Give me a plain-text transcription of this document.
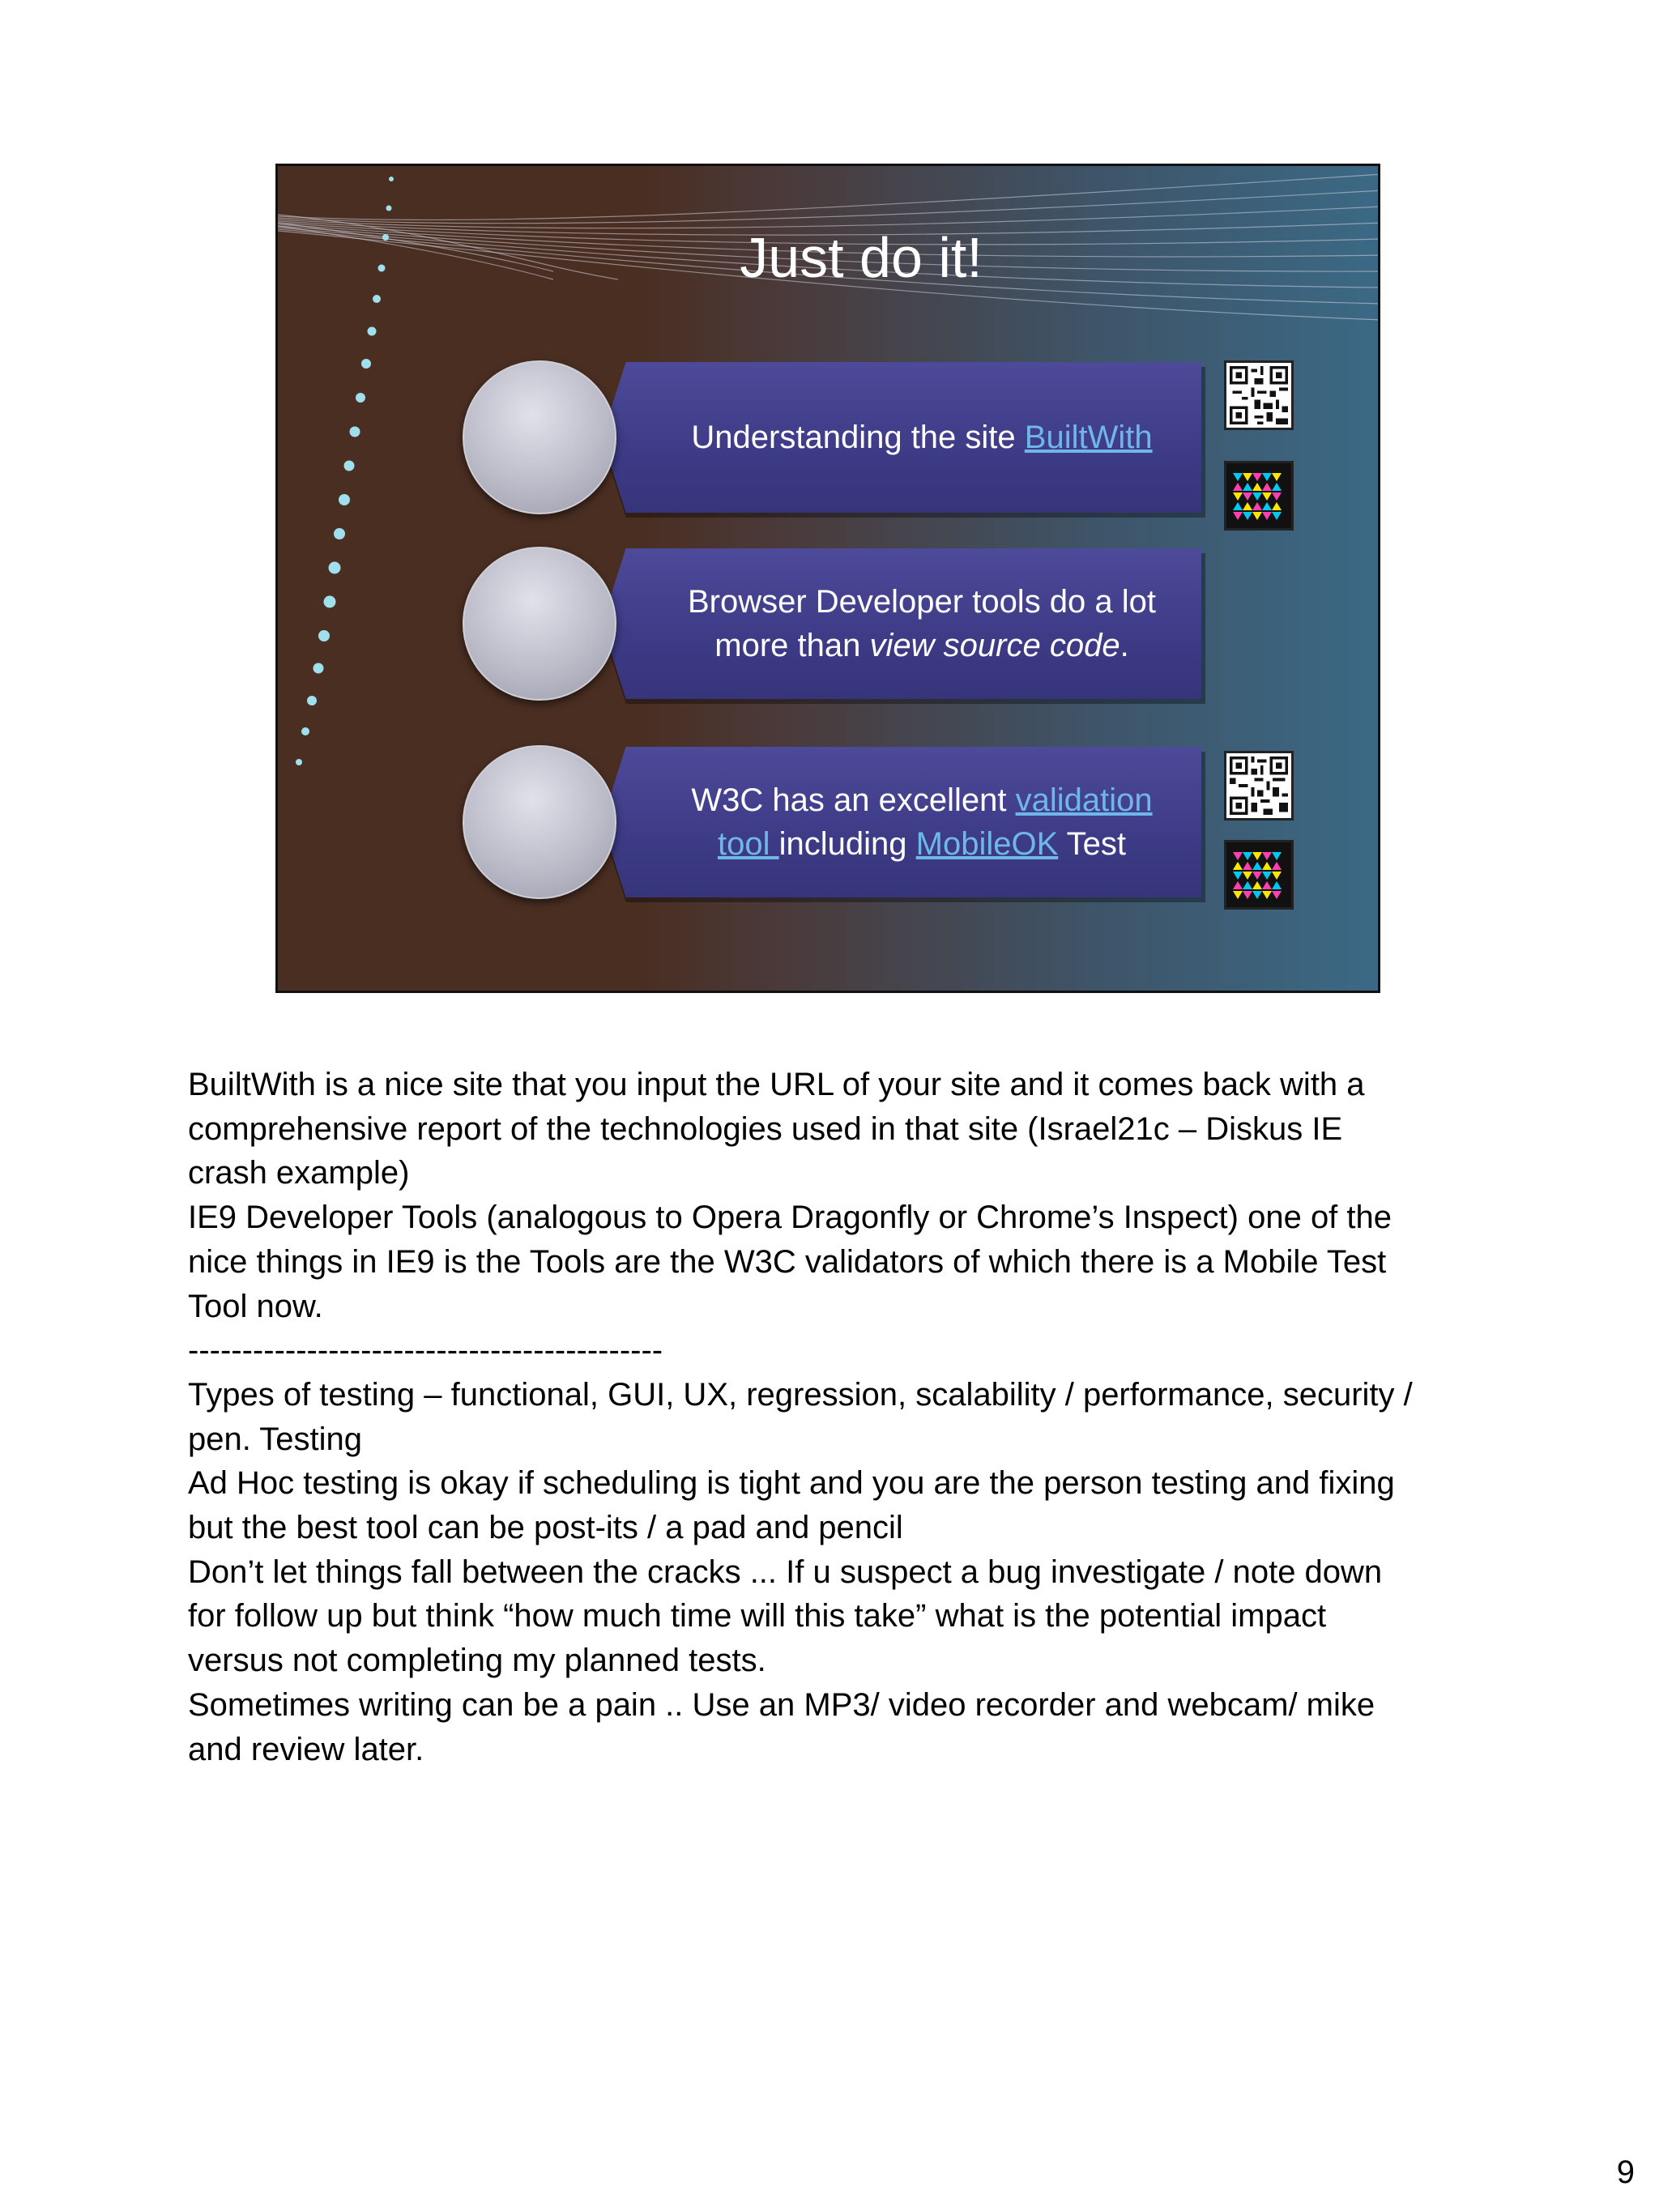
Just do it!
Understanding the site BuiltWith
Browser Developer tools do a lot
more than view source code.
W3C has an excellent validation
tool including MobileOK Test

BuiltWith is a nice site that you input the URL of your site and it comes back with a

comprehensive report of the technologies used in that site (Israel21c – Diskus IE

crash example)

IE9 Developer Tools (analogous to Opera Dragonfly or Chrome’s Inspect) one of the

nice things in IE9 is the Tools are the W3C validators of which there is a Mobile Test

Tool now.

--------------------------------------------

Types of testing – functional, GUI, UX, regression, scalability / performance, security /

pen. Testing

Ad Hoc testing is okay if scheduling is tight and you are the person testing and fixing

but the best tool can be post-its / a pad and pencil

Don’t let things fall between the cracks ... If u suspect a bug investigate / note down

for follow up but think “how much time will this take” what is the potential impact

versus not completing my planned tests.

Sometimes writing can be a pain .. Use an MP3/ video recorder and webcam/ mike

and review later.

9
